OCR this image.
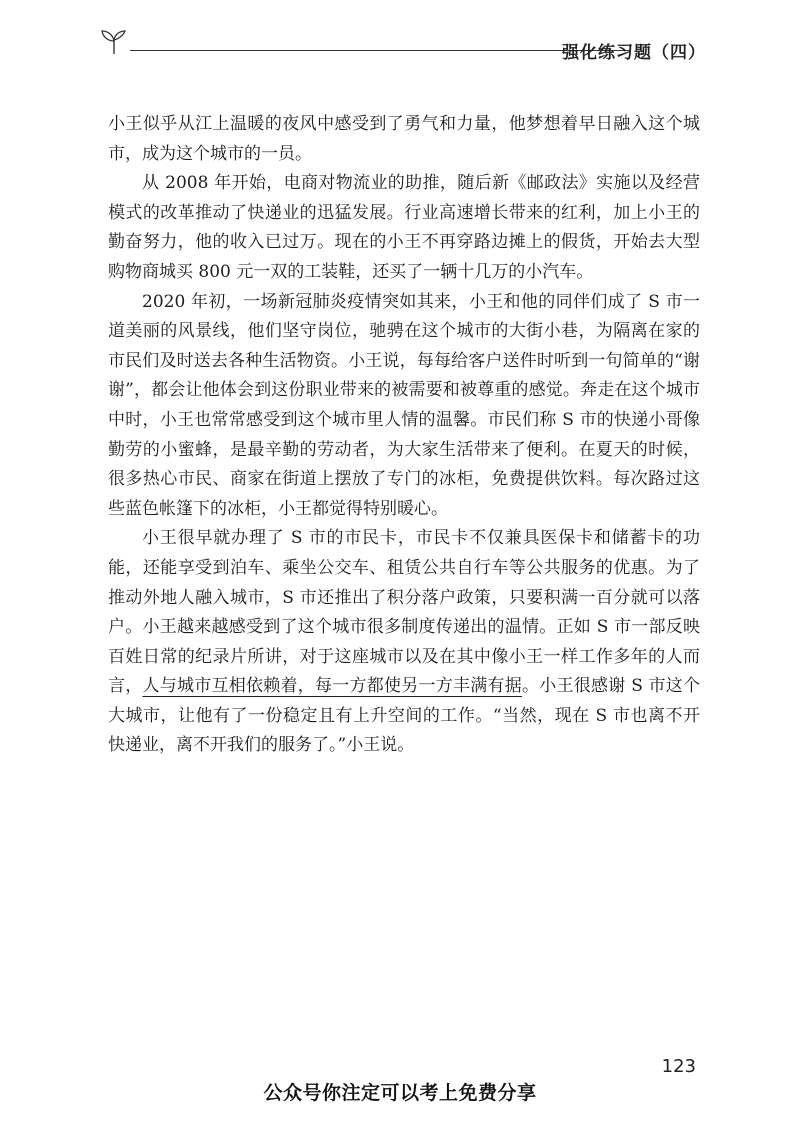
强化练习题（四）

小王似乎从江上温暖的夜风中感受到了勇气和力量，他梦想着早日融入这个城市，成为这个城市的一员。

从 2008 年开始，电商对物流业的助推，随后新《邮政法》实施以及经营模式的改革推动了快递业的迅猛发展。行业高速增长带来的红利，加上小王的勤奋努力，他的收入已过万。现在的小王不再穿路边摊上的假货，开始去大型购物商城买 800 元一双的工装鞋，还买了一辆十几万的小汽车。

2020 年初，一场新冠肺炎疫情突如其来，小王和他的同伴们成了 S 市一道美丽的风景线，他们坚守岗位，驰骋在这个城市的大街小巷，为隔离在家的市民们及时送去各种生活物资。小王说，每每给客户送件时听到一句简单的“谢谢”，都会让他体会到这份职业带来的被需要和被尊重的感觉。奔走在这个城市中时，小王也常常感受到这个城市里人情的温馨。市民们称 S 市的快递小哥像勤劳的小蜜蜂，是最辛勤的劳动者，为大家生活带来了便利。在夏天的时候，很多热心市民、商家在街道上摆放了专门的冰柜，免费提供饮料。每次路过这些蓝色帐篷下的冰柜，小王都觉得特别暖心。

小王很早就办理了 S 市的市民卡，市民卡不仅兼具医保卡和储蓄卡的功能，还能享受到泊车、乘坐公交车、租赁公共自行车等公共服务的优惠。为了推动外地人融入城市，S 市还推出了积分落户政策，只要积满一百分就可以落户。小王越来越感受到了这个城市很多制度传递出的温情。正如 S 市一部反映百姓日常的纪录片所讲，对于这座城市以及在其中像小王一样工作多年的人而言，人与城市互相依赖着，每一方都使另一方丰满有据。小王很感谢 S 市这个大城市，让他有了一份稳定且有上升空间的工作。“当然，现在 S 市也离不开快递业，离不开我们的服务了。”小王说。

123
公众号你注定可以考上免费分享
